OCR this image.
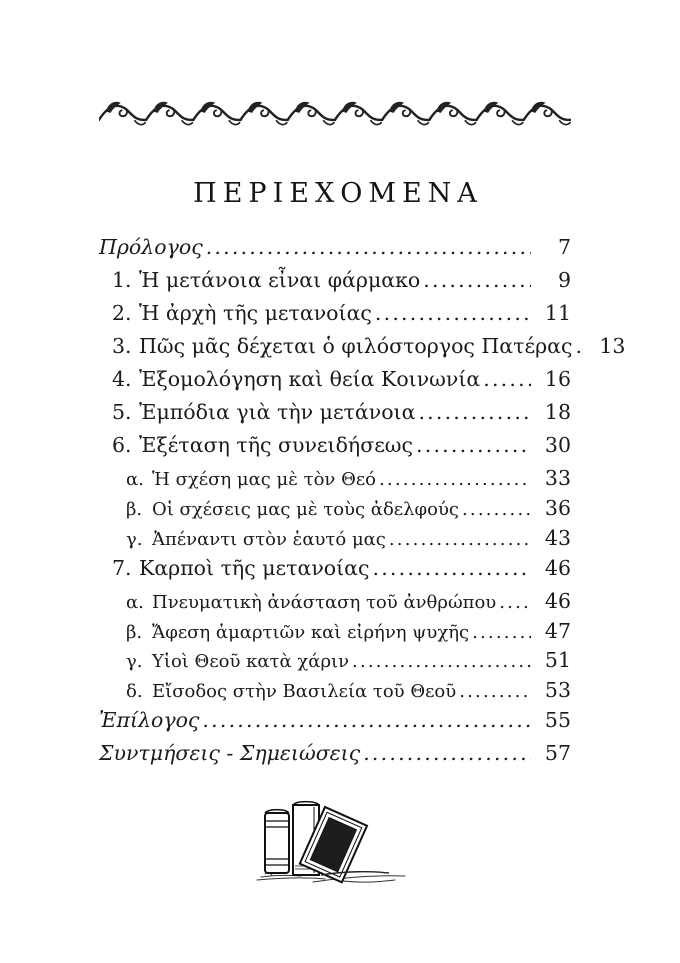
ΠΕΡΙΕΧΟΜΕΝΑ
Πρόλογος .....	7
1. Ἡ μετάνοια εἶναι φάρμακο .....	9
2. Ἡ ἀρχὴ τῆς μετανοίας .....	11
3. Πῶς μᾶς δέχεται ὁ φιλόστοργος Πατέρας .....	13
4. Ἐξομολόγηση καὶ θεία Κοινωνία .....	16
5. Ἐμπόδια γιὰ τὴν μετάνοια .....	18
6. Ἐξέταση τῆς συνειδήσεως .....	30
α. Ἡ σχέση μας μὲ τὸν Θεό .....	33
β. Οἱ σχέσεις μας μὲ τοὺς ἀδελφούς .....	36
γ. Ἀπέναντι στὸν ἑαυτό μας .....	43
7. Καρποὶ τῆς μετανοίας .....	46
α. Πνευματικὴ ἀνάσταση τοῦ ἀνθρώπου .....	46
β. Ἄφεση ἁμαρτιῶν καὶ εἰρήνη ψυχῆς .....	47
γ. Υἱοὶ Θεοῦ κατὰ χάριν .....	51
δ. Εἴσοδος στὴν Βασιλεία τοῦ Θεοῦ .....	53
Ἐπίλογος .....	55
Συντμήσεις - Σημειώσεις .....	57
